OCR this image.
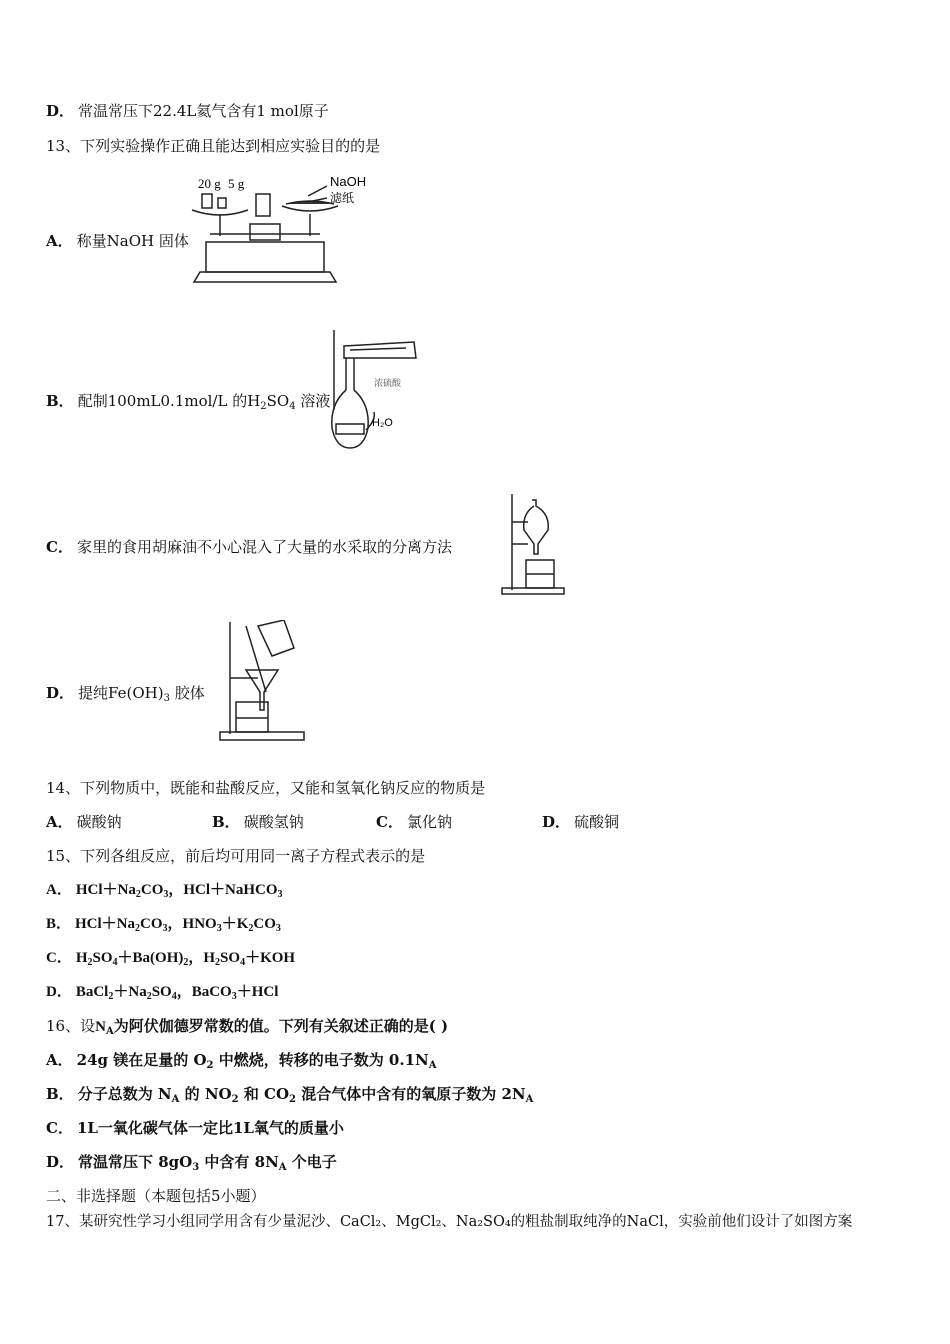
D． 常温常压下22.4L氦气含有1 mol原子
13、下列实验操作正确且能达到相应实验目的的是
A． 称量NaOH 固体
20 g 5 g	NaOH
滤纸
B． 配制100mL0.1mol/L 的$H_2SO_4$ 溶液
浓硫酸
H₂O
C． 家里的食用胡麻油不小心混入了大量的水采取的分离方法
D． 提纯$Fe(OH)_3$ 胶体
14、下列物质中，既能和盐酸反应，又能和氢氧化钠反应的物质是
A． 碳酸钠	B． 碳酸氢钠	C． 氯化钠	D． 硫酸铜
15、下列各组反应，前后均可用同一离子方程式表示的是
A． $HCl+Na_2CO_3$，HCl＋NaHCO$_3$
B． $HCl+Na_2CO_3$，$HNO_3+K_2CO_3$
C． $H_2SO_4+Ba(OH)_2$，$H_2SO_4+KOH$
D． $BaCl_2+Na_2SO_4$，BaCO$_3$＋HCl
16、设$N_A$为阿伏伽德罗常数的值。下列有关叙述正确的是( )
A． 24g 镁在足量的 $O_2$ 中燃烧，转移的电子数为 $0.1N_A$
B． 分子总数为 $N_A$ 的 $NO_2$ 和 $CO_2$ 混合气体中含有的氧原子数为 $2N_A$
C． 1L一氧化碳气体一定比1L氧气的质量小
D． 常温常压下 $8gO_3$ 中含有 $8N_A$ 个电子
二、非选择题（本题包括5小题）
17、某研究性学习小组同学用含有少量泥沙、CaCl₂、MgCl₂、Na₂SO₄的粗盐制取纯净的NaCl，实验前他们设计了如图方案
